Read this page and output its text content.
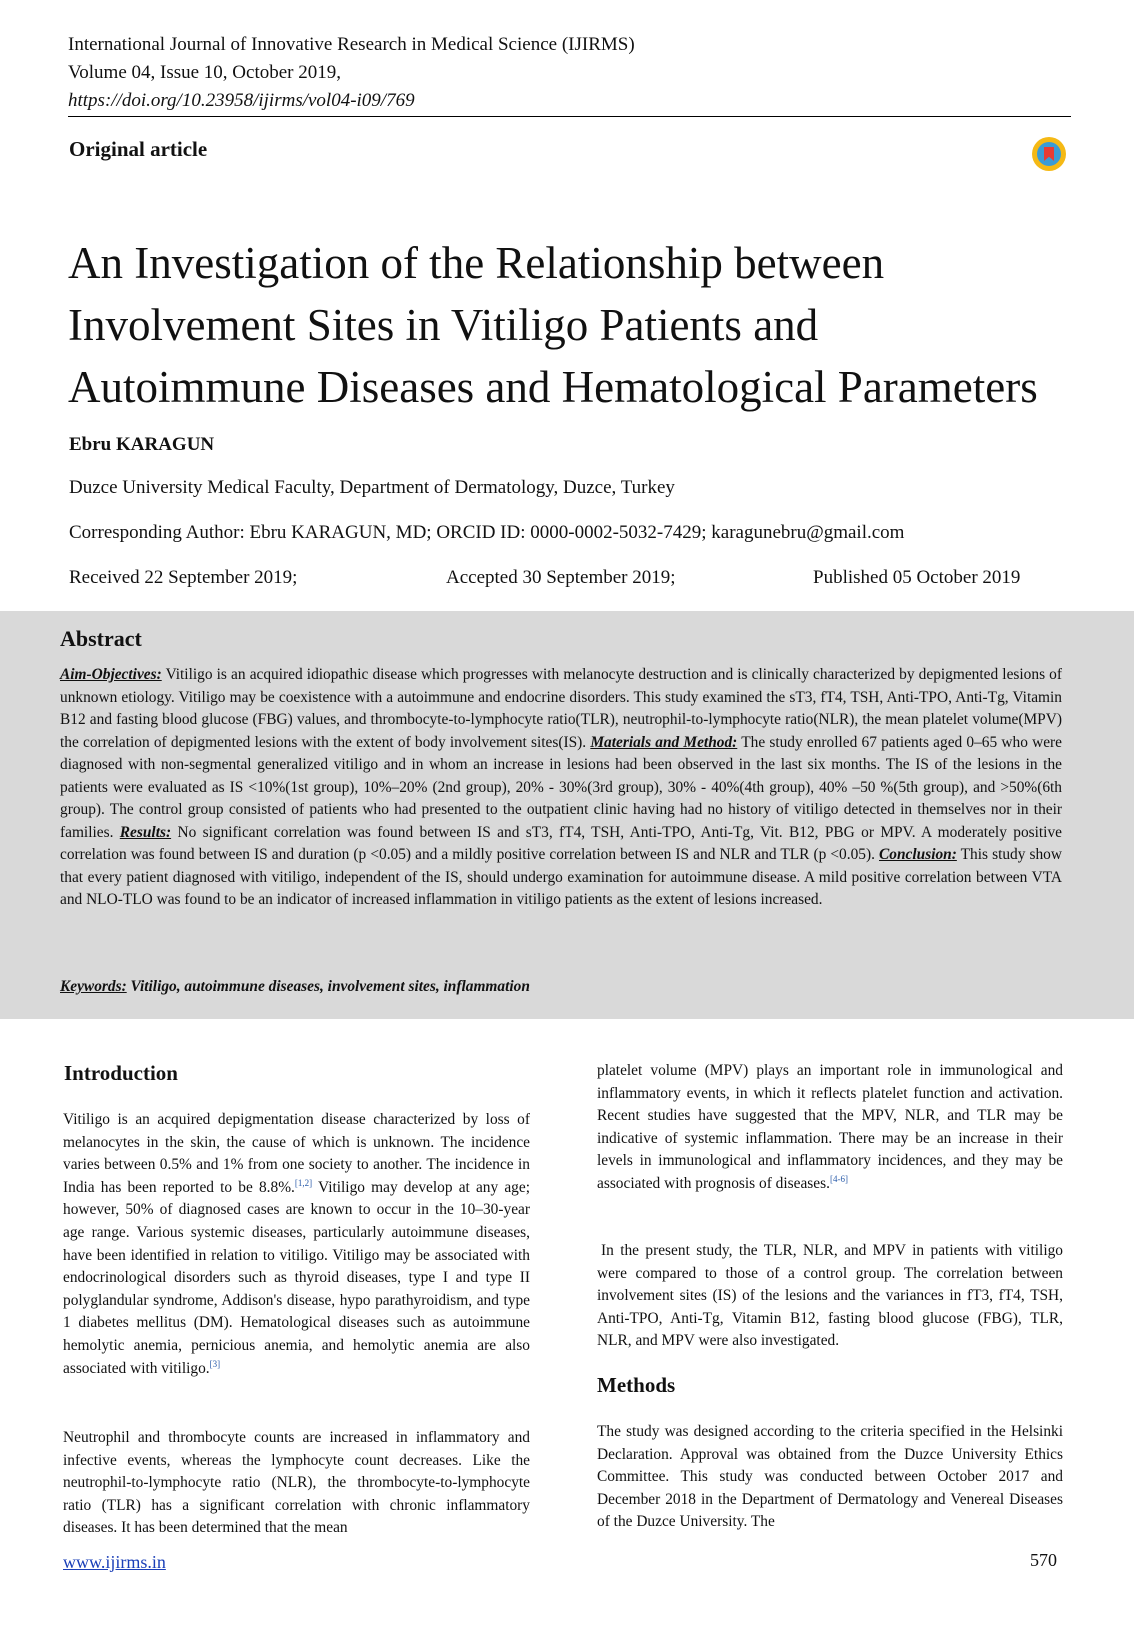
International Journal of Innovative Research in Medical Science (IJIRMS)
Volume 04, Issue 10, October 2019,
https://doi.org/10.23958/ijirms/vol04-i09/769
Original article
An Investigation of the Relationship between
Involvement Sites in Vitiligo Patients and
Autoimmune Diseases and Hematological Parameters
Ebru KARAGUN
Duzce University Medical Faculty, Department of Dermatology, Duzce, Turkey
Corresponding Author: Ebru KARAGUN, MD; ORCID ID: 0000-0002-5032-7429; karagunebru@gmail.com
Received 22 September 2019;	Accepted 30 September 2019;	Published 05 October 2019
Abstract
Aim-Objectives: Vitiligo is an acquired idiopathic disease which progresses with melanocyte destruction and is clinically characterized by depigmented lesions of unknown etiology. Vitiligo may be coexistence with a autoimmune and endocrine disorders. This study examined the sT3, fT4, TSH, Anti-TPO, Anti-Tg, Vitamin B12 and fasting blood glucose (FBG) values, and thrombocyte-to-lymphocyte ratio(TLR), neutrophil-to-lymphocyte ratio(NLR), the mean platelet volume(MPV) the correlation of depigmented lesions with the extent of body involvement sites(IS). Materials and Method: The study enrolled 67 patients aged 0–65 who were diagnosed with non-segmental generalized vitiligo and in whom an increase in lesions had been observed in the last six months. The IS of the lesions in the patients were evaluated as IS <10%(1st group), 10%–20% (2nd group), 20% - 30%(3rd group), 30% - 40%(4th group), 40% –50 %(5th group), and >50%(6th group). The control group consisted of patients who had presented to the outpatient clinic having had no history of vitiligo detected in themselves nor in their families. Results: No significant correlation was found between IS and sT3, fT4, TSH, Anti-TPO, Anti-Tg, Vit. B12, PBG or MPV. A moderately positive correlation was found between IS and duration (p <0.05) and a mildly positive correlation between IS and NLR and TLR (p <0.05). Conclusion: This study show that every patient diagnosed with vitiligo, independent of the IS, should undergo examination for autoimmune disease. A mild positive correlation between VTA and NLO-TLO was found to be an indicator of increased inflammation in vitiligo patients as the extent of lesions increased.
Keywords: Vitiligo, autoimmune diseases, involvement sites, inflammation
Introduction
Vitiligo is an acquired depigmentation disease characterized by loss of melanocytes in the skin, the cause of which is unknown. The incidence varies between 0.5% and 1% from one society to another. The incidence in India has been reported to be 8.8%.[1,2] Vitiligo may develop at any age; however, 50% of diagnosed cases are known to occur in the 10–30-year age range. Various systemic diseases, particularly autoimmune diseases, have been identified in relation to vitiligo. Vitiligo may be associated with endocrinological disorders such as thyroid diseases, type I and type II polyglandular syndrome, Addison's disease, hypo parathyroidism, and type 1 diabetes mellitus (DM). Hematological diseases such as autoimmune hemolytic anemia, pernicious anemia, and hemolytic anemia are also associated with vitiligo.[3]
Neutrophil and thrombocyte counts are increased in inflammatory and infective events, whereas the lymphocyte count decreases. Like the neutrophil-to-lymphocyte ratio (NLR), the thrombocyte-to-lymphocyte ratio (TLR) has a significant correlation with chronic inflammatory diseases. It has been determined that the mean
platelet volume (MPV) plays an important role in immunological and inflammatory events, in which it reflects platelet function and activation. Recent studies have suggested that the MPV, NLR, and TLR may be indicative of systemic inflammation. There may be an increase in their levels in immunological and inflammatory incidences, and they may be associated with prognosis of diseases.[4-6]
In the present study, the TLR, NLR, and MPV in patients with vitiligo were compared to those of a control group. The correlation between involvement sites (IS) of the lesions and the variances in fT3, fT4, TSH, Anti-TPO, Anti-Tg, Vitamin B12, fasting blood glucose (FBG), TLR, NLR, and MPV were also investigated.
Methods
The study was designed according to the criteria specified in the Helsinki Declaration. Approval was obtained from the Duzce University Ethics Committee. This study was conducted between October 2017 and December 2018 in the Department of Dermatology and Venereal Diseases of the Duzce University. The
www.ijirms.in	570
